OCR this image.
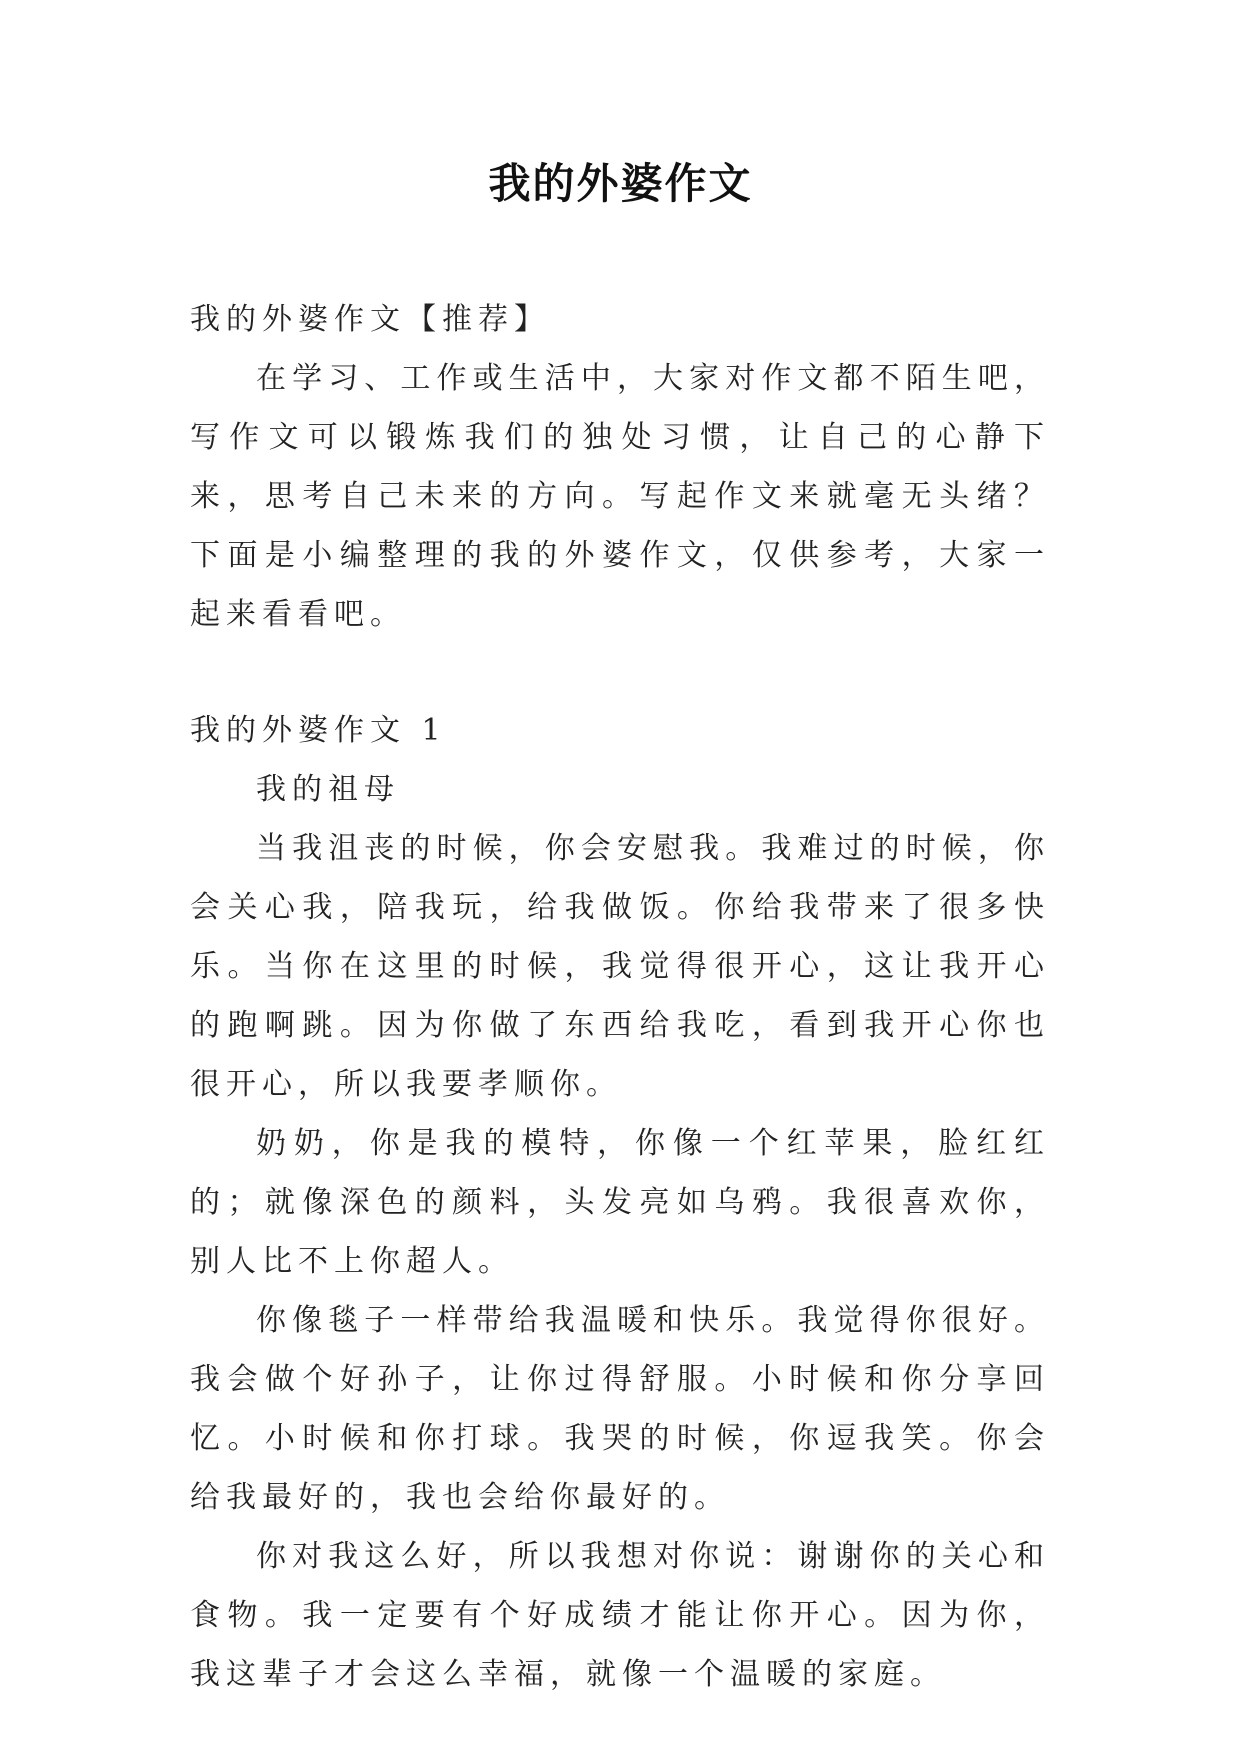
我的外婆作文

我的外婆作文【推荐】

在学习、工作或生活中，大家对作文都不陌生吧，写作文可以锻炼我们的独处习惯，让自己的心静下来，思考自己未来的方向。写起作文来就毫无头绪？下面是小编整理的我的外婆作文，仅供参考，大家一起来看看吧。

我的外婆作文 1

我的祖母

当我沮丧的时候，你会安慰我。我难过的时候，你会关心我，陪我玩，给我做饭。你给我带来了很多快乐。当你在这里的时候，我觉得很开心，这让我开心的跑啊跳。因为你做了东西给我吃，看到我开心你也很开心，所以我要孝顺你。

奶奶，你是我的模特，你像一个红苹果，脸红红的；就像深色的颜料，头发亮如乌鸦。我很喜欢你，别人比不上你超人。

你像毯子一样带给我温暖和快乐。我觉得你很好。我会做个好孙子，让你过得舒服。小时候和你分享回忆。小时候和你打球。我哭的时候，你逗我笑。你会给我最好的，我也会给你最好的。

你对我这么好，所以我想对你说：谢谢你的关心和食物。我一定要有个好成绩才能让你开心。因为你，我这辈子才会这么幸福，就像一个温暖的家庭。
